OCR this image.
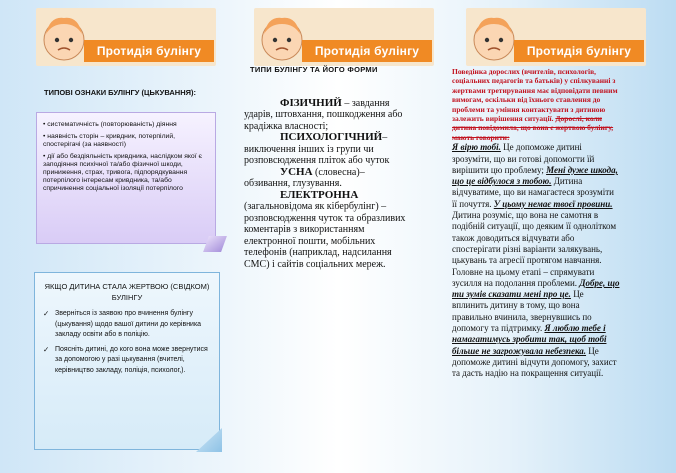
Протидія булінгу	Протидія булінгу	Протидія булінгу
ТИПОВІ ОЗНАКИ БУЛІНГУ (ЦЬКУВАННЯ):

• систематичність (повторюваність) діяння

• наявність сторін – кривдник, потерпілий, спостерігачі (за наявності)

• дії або бездіяльність кривдника, наслідком якої є заподіяння психічної та/або фізичної шкоди, приниження, страх, тривога, підпорядкування потерпілого інтересам кривдника, та/або спричинення соціальної ізоляції потерпілого

ЯКЩО ДИТИНА СТАЛА ЖЕРТВОЮ (СВІДКОМ) БУЛІНГУ
✓ Зверніться із заявою про вчинення булінгу (цькування) щодо вашої дитини до керівника закладу освіти або в поліцію.
✓ Поясніть дитині, до кого вона може звернутися за допомогою у разі цькування (вчителі, керівництво закладу, поліція, психолог,).
ТИПИ БУЛІНГУ ТА ЙОГО ФОРМИ
ФІЗИЧНИЙ – завдання ударів, штовхання, пошкодження або крадіжка власності;
ПСИХОЛОГІЧНИЙ– виключення інших із групи чи розповсюдження пліток або чуток
УСНА (словесна)– обзивання, глузування.
ЕЛЕКТРОННА (загальновідома як кібербулінг) – розповсюдження чуток та образливих коментарів з використанням електронної пошти, мобільних телефонів (наприклад, надсилання СМС) і сайтів соціальних мереж.
Поведінка дорослих (вчителів, психологів, соціальних педагогів та батьків) у спілкуванні з жертвами третирування має відповідати певним вимогам, оскільки від їхнього ставлення до проблеми та уміння контактувати з дитиною залежить вирішення ситуації. Дорослі, коли дитина повідомила, що вона є жертвою булінгу, мають говорити:
Я вірю тобі. Це допоможе дитині зрозуміти, що ви готові допомогти їй вирішити цю проблему; Мені дуже шкода, що це відбулося з тобою. Дитина відчуватиме, що ви намагаєтеся зрозуміти її почуття. У цьому немає твоєї провини. Дитина розуміє, що вона не самотня в подібній ситуації, що деяким її однолітком також доводиться відчувати або спостерігати різні варіанти залякувань, цькувань та агресії протягом навчання. Головне на цьому етапі – спрямувати зусилля на подолання проблеми. Добре, що ти зумів сказати мені про це. Це вплинить дитину в тому, що вона правильно вчинила, звернувшись по допомогу та підтримку. Я люблю тебе і намагатимусь зробити так, щоб тобі більше не загрожувала небезпека. Це допоможе дитині відчути допомогу, захист та дасть надію на покращення ситуації.
